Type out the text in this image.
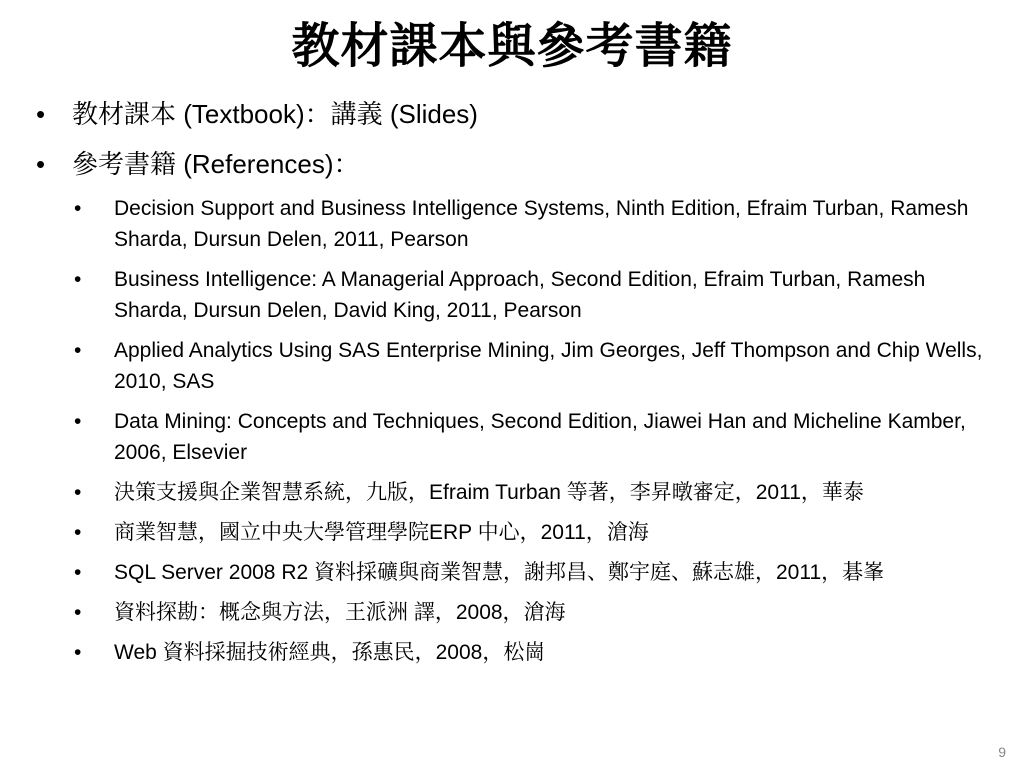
教材課本與參考書籍
• 教材課本 (Textbook)：講義 (Slides)
• 參考書籍 (References)：
• Decision Support and Business Intelligence Systems, Ninth Edition, Efraim Turban, Ramesh Sharda, Dursun Delen, 2011, Pearson
• Business Intelligence: A Managerial Approach, Second Edition, Efraim Turban, Ramesh Sharda, Dursun Delen, David King, 2011, Pearson
• Applied Analytics Using SAS Enterprise Mining, Jim Georges, Jeff Thompson and Chip Wells, 2010, SAS
• Data Mining: Concepts and Techniques, Second Edition, Jiawei Han and Micheline Kamber, 2006, Elsevier
• 決策支援與企業智慧系統，九版，Efraim Turban 等著，李昇暾審定，2011，華泰
• 商業智慧，國立中央大學管理學院ERP 中心，2011，滄海
• SQL Server 2008 R2 資料採礦與商業智慧，謝邦昌、鄭宇庭、蘇志雄，2011，碁峯
• 資料探勘：概念與方法，王派洲 譯，2008，滄海
• Web 資料採掘技術經典，孫惠民，2008，松崗
9
